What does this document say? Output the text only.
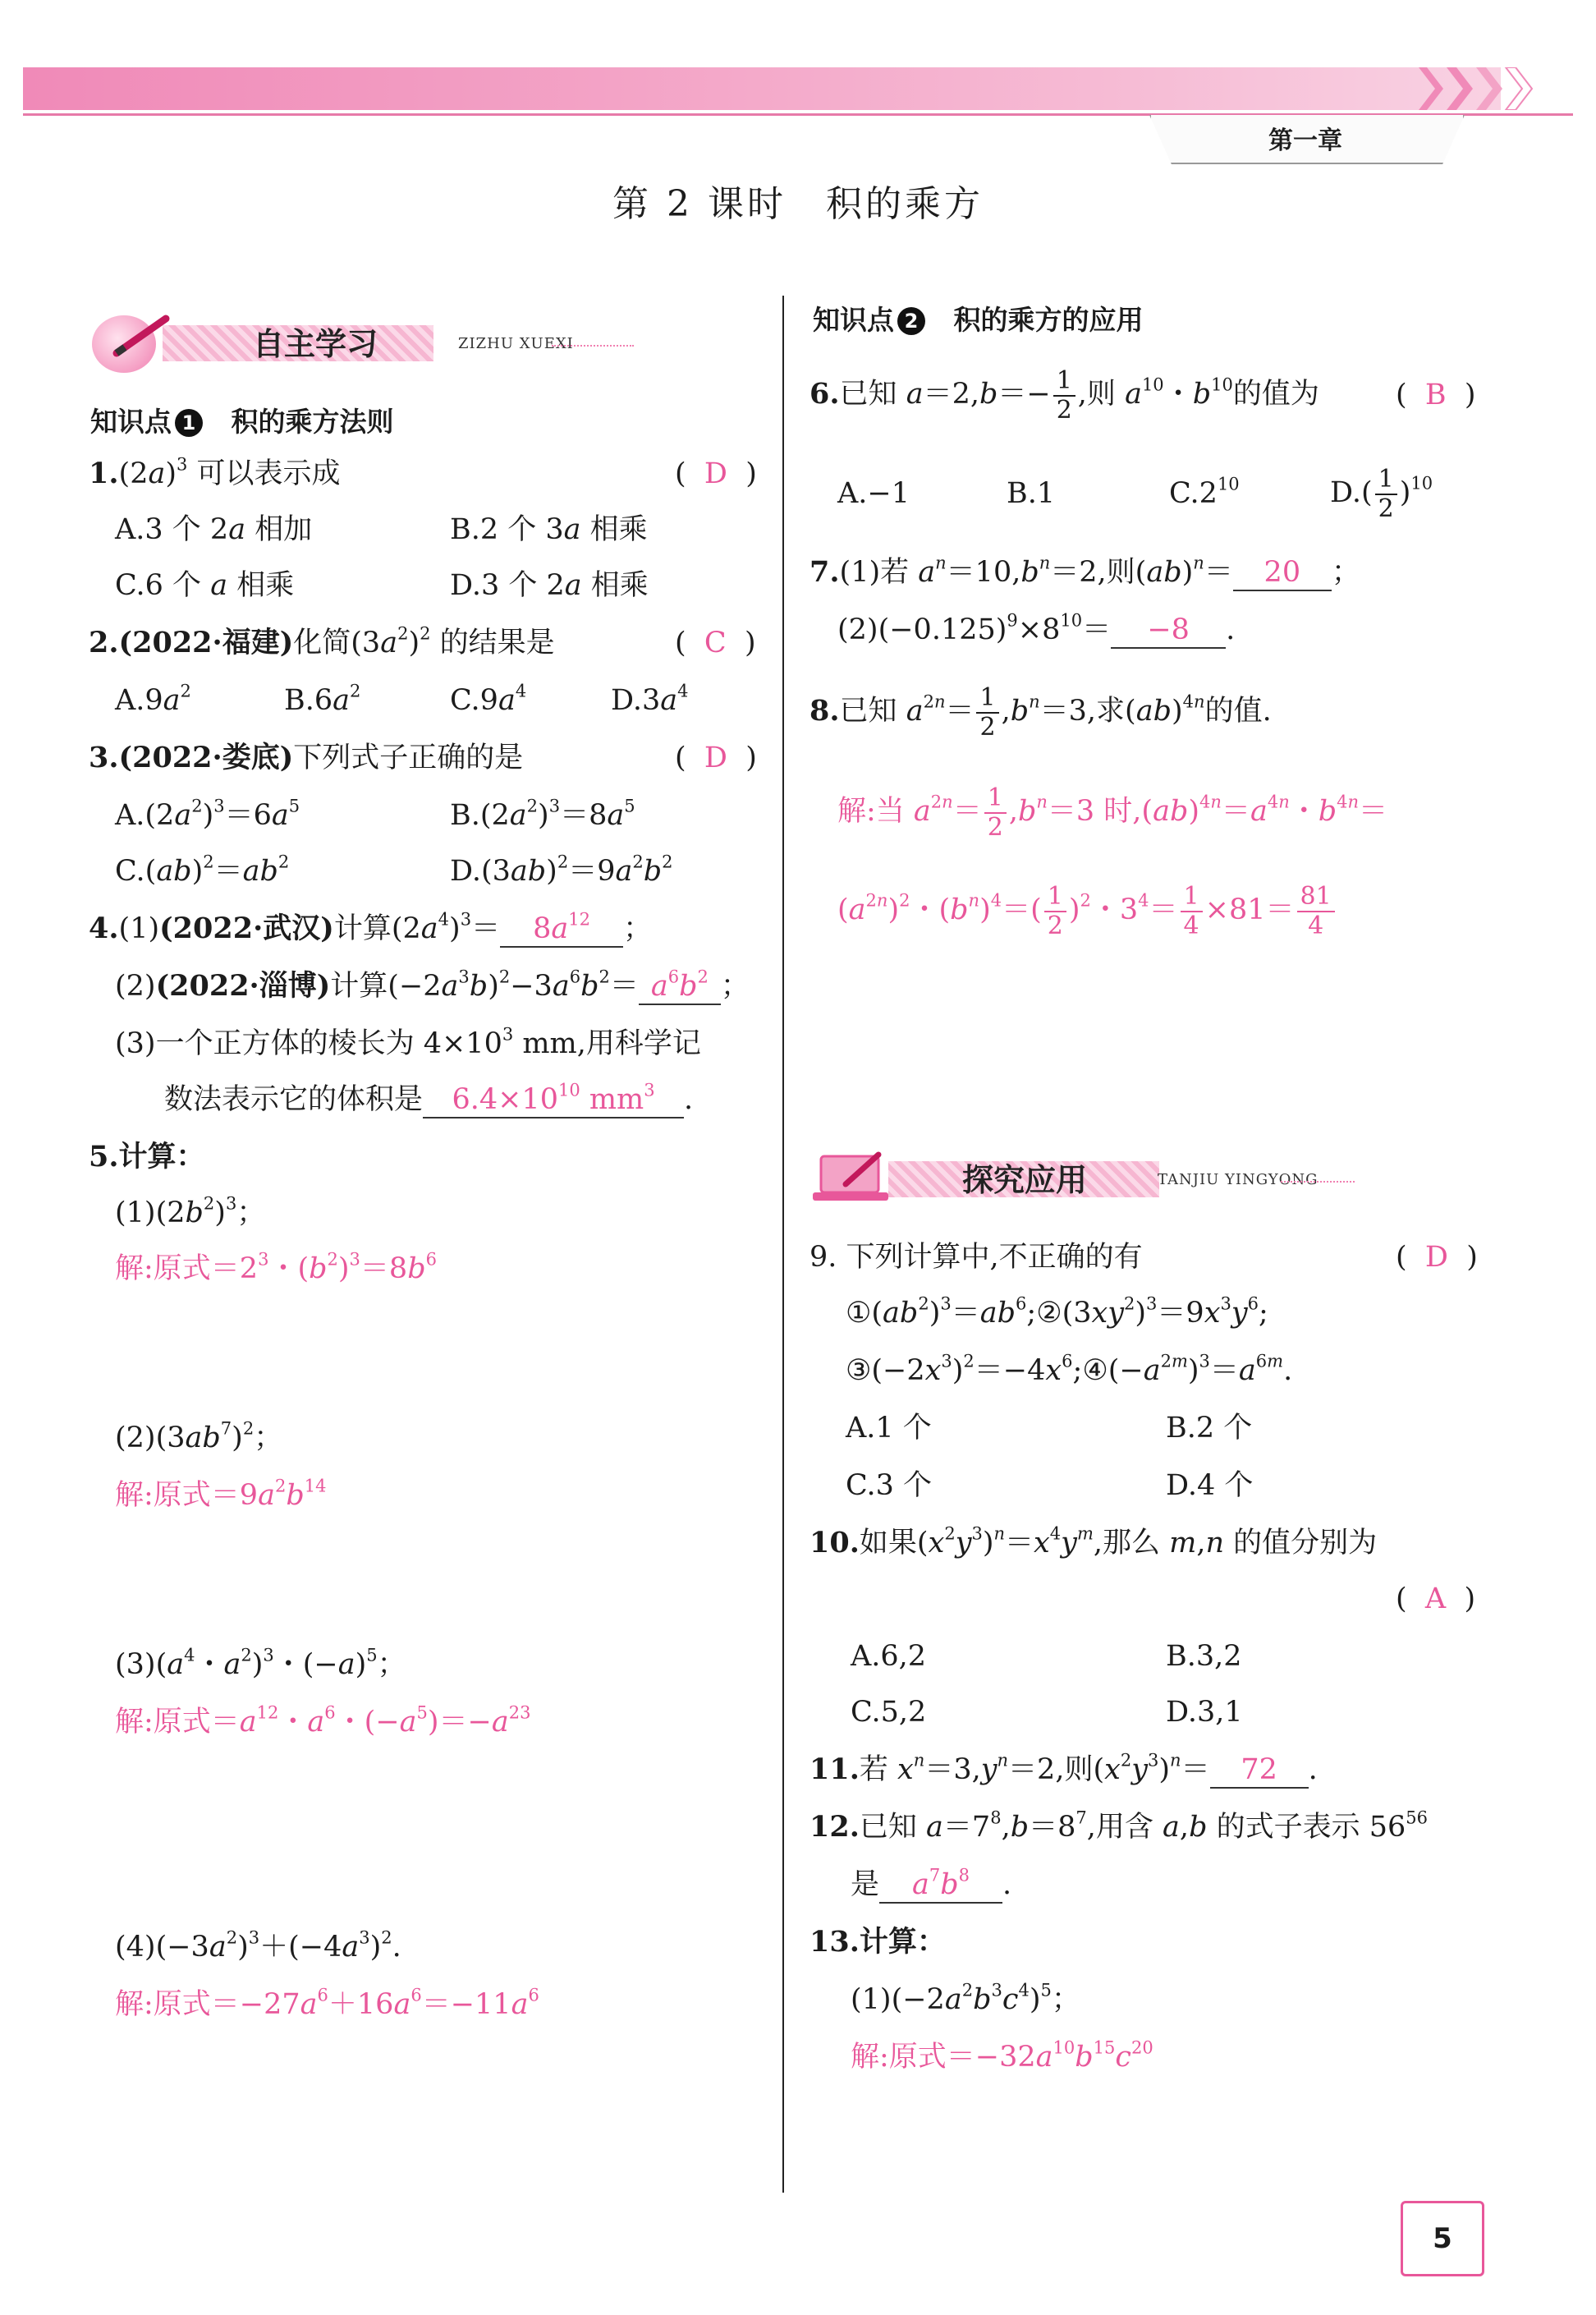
第一章
第 2 课时　积的乘方
自主学习	ZIZHU XUEXI
知识点 1 积的乘方法则
$1.(2a)^3$ 可以表示成	(  D  )
A.3 个 2a 相加	B.2 个 3a 相乘
C.6 个 a 相乘	D.3 个 2a 相乘
2.(2022·福建)化简$(3a^2)^2$ 的结果是	(  C  )
$A.9a^2$	$B.6a^2$	$C.9a^4$	$D.3a^4$
3.(2022·娄底)下列式子正确的是	(  D  )
$A.(2a^2)^3=6a^5$	$B.(2a^2)^3=8a^5$
$C.(ab)^2=ab^2$	$D.(3ab)^2=9a^2b^2$
4.(1)(2022·武汉)计算$(2a^4)^3= 8a^{12}$ ；
(2)(2022·淄博)计算$(-2a^3b)^2-3a^6b^2= a^6b^2$ ；
(3)一个正方体的棱长为 $4\times 10^3$ mm,用科学记
数法表示它的体积是 $6.4\times 10^{10}$ $mm^3$ .
5.计算：
$(1)(2b^2)^3$；
解:原式$=2^3$・$(b^2)^3=8b^6$
$(2)(3ab^7)^2$；
解:原式$=9a^2b^{14}$
$(3)(a^4$・$a^2)^3$・$(-a)^5$；
解:原式$=a^{12}$・$a^6$・$(-a^5)=-a^{23}$
$(4)(-3a^2)^3+(-4a^3)^2$.
解:原式$=-27a^6+16a^6=-11a^6$
知识点 2 积的乘方的应用
6.已知 $a=2,b=- \frac{1}{2}$ ,则 $a^{10}$・$b^{10}$的值为	(  B  )
A.−1	B.1	$C.2^{10}$	$D.( \frac{1}{2} )^{10}$
7.(1)若 $a^n=10,b^n=2$,则(ab)$^n$＝ 20 ；
$(2)(-0.125)^9\times 8^{10}= -8$ .
8.已知 $a^{2n}= \frac{1}{2} ,b^n=3$,求(ab)$^{4n}$的值.
解:当 $a^{2n}= \frac{1}{2} ,b^n=3$ 时$,(ab)^{4n}=a^{4n}$・$b^{4n}=$
$(a^{2n})^2$・$(b^n)^4=( \frac{1}{2} )^2$・$3^4= \frac{1}{4} \times 81= \frac{81}{4}$
探究应用	TANJIU YINGYONG
9. 下列计算中,不正确的有	(  D  )
$①(ab^2)^3=ab^6;②(3xy^2)^3=9x^3y^6$;
$③(-2x^3)^2=-4x^6;④(-a^{2m})^3=a^{6m}$.
A.1 个	B.2 个
C.3 个	D.4 个
10.如果$(x^2y^3)^n=x^4y^m$,那么 m,n 的值分别为
(  A  )
A.6,2	B.3,2
C.5,2	D.3,1
11.若 $x^n=3,y^n=2$,则$(x^2y^3)^n= 72$ .
12.已知 $a=7^8,b=8^7$,用含 a,b 的式子表示 $56^{56}$
是 $a^7b^8$ .
13.计算：
$(1)(-2a^2b^3c^4)^5$；
解:原式$=-32a^{10}b^{15}c^{20}$
5
